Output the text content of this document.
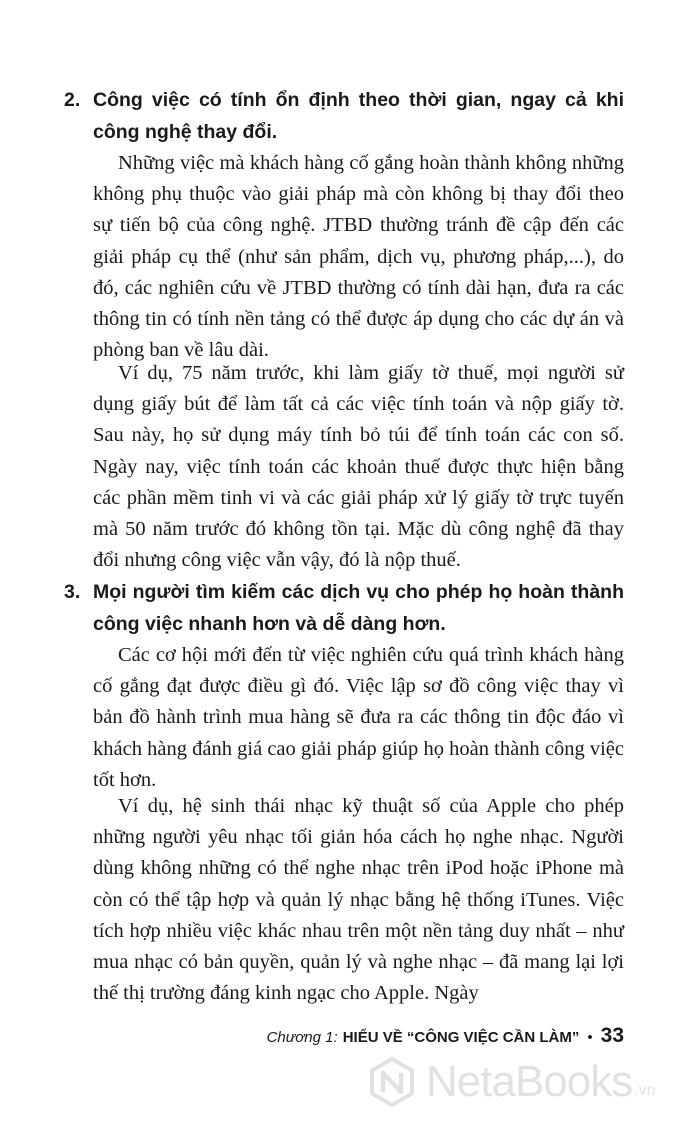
2. Công việc có tính ổn định theo thời gian, ngay cả khi công nghệ thay đổi.

Những việc mà khách hàng cố gắng hoàn thành không những không phụ thuộc vào giải pháp mà còn không bị thay đổi theo sự tiến bộ của công nghệ. JTBD thường tránh đề cập đến các giải pháp cụ thể (như sản phẩm, dịch vụ, phương pháp,...), do đó, các nghiên cứu về JTBD thường có tính dài hạn, đưa ra các thông tin có tính nền tảng có thể được áp dụng cho các dự án và phòng ban về lâu dài.

Ví dụ, 75 năm trước, khi làm giấy tờ thuế, mọi người sử dụng giấy bút để làm tất cả các việc tính toán và nộp giấy tờ. Sau này, họ sử dụng máy tính bỏ túi để tính toán các con số. Ngày nay, việc tính toán các khoản thuế được thực hiện bằng các phần mềm tinh vi và các giải pháp xử lý giấy tờ trực tuyến mà 50 năm trước đó không tồn tại. Mặc dù công nghệ đã thay đổi nhưng công việc vẫn vậy, đó là nộp thuế.

3. Mọi người tìm kiếm các dịch vụ cho phép họ hoàn thành công việc nhanh hơn và dễ dàng hơn.

Các cơ hội mới đến từ việc nghiên cứu quá trình khách hàng cố gắng đạt được điều gì đó. Việc lập sơ đồ công việc thay vì bản đồ hành trình mua hàng sẽ đưa ra các thông tin độc đáo vì khách hàng đánh giá cao giải pháp giúp họ hoàn thành công việc tốt hơn.

Ví dụ, hệ sinh thái nhạc kỹ thuật số của Apple cho phép những người yêu nhạc tối giản hóa cách họ nghe nhạc. Người dùng không những có thể nghe nhạc trên iPod hoặc iPhone mà còn có thể tập hợp và quản lý nhạc bằng hệ thống iTunes. Việc tích hợp nhiều việc khác nhau trên một nền tảng duy nhất – như mua nhạc có bản quyền, quản lý và nghe nhạc – đã mang lại lợi thế thị trường đáng kinh ngạc cho Apple. Ngày

Chương 1: HIỂU VỀ “CÔNG VIỆC CẦN LÀM” • 33
NetaBooks .vn
